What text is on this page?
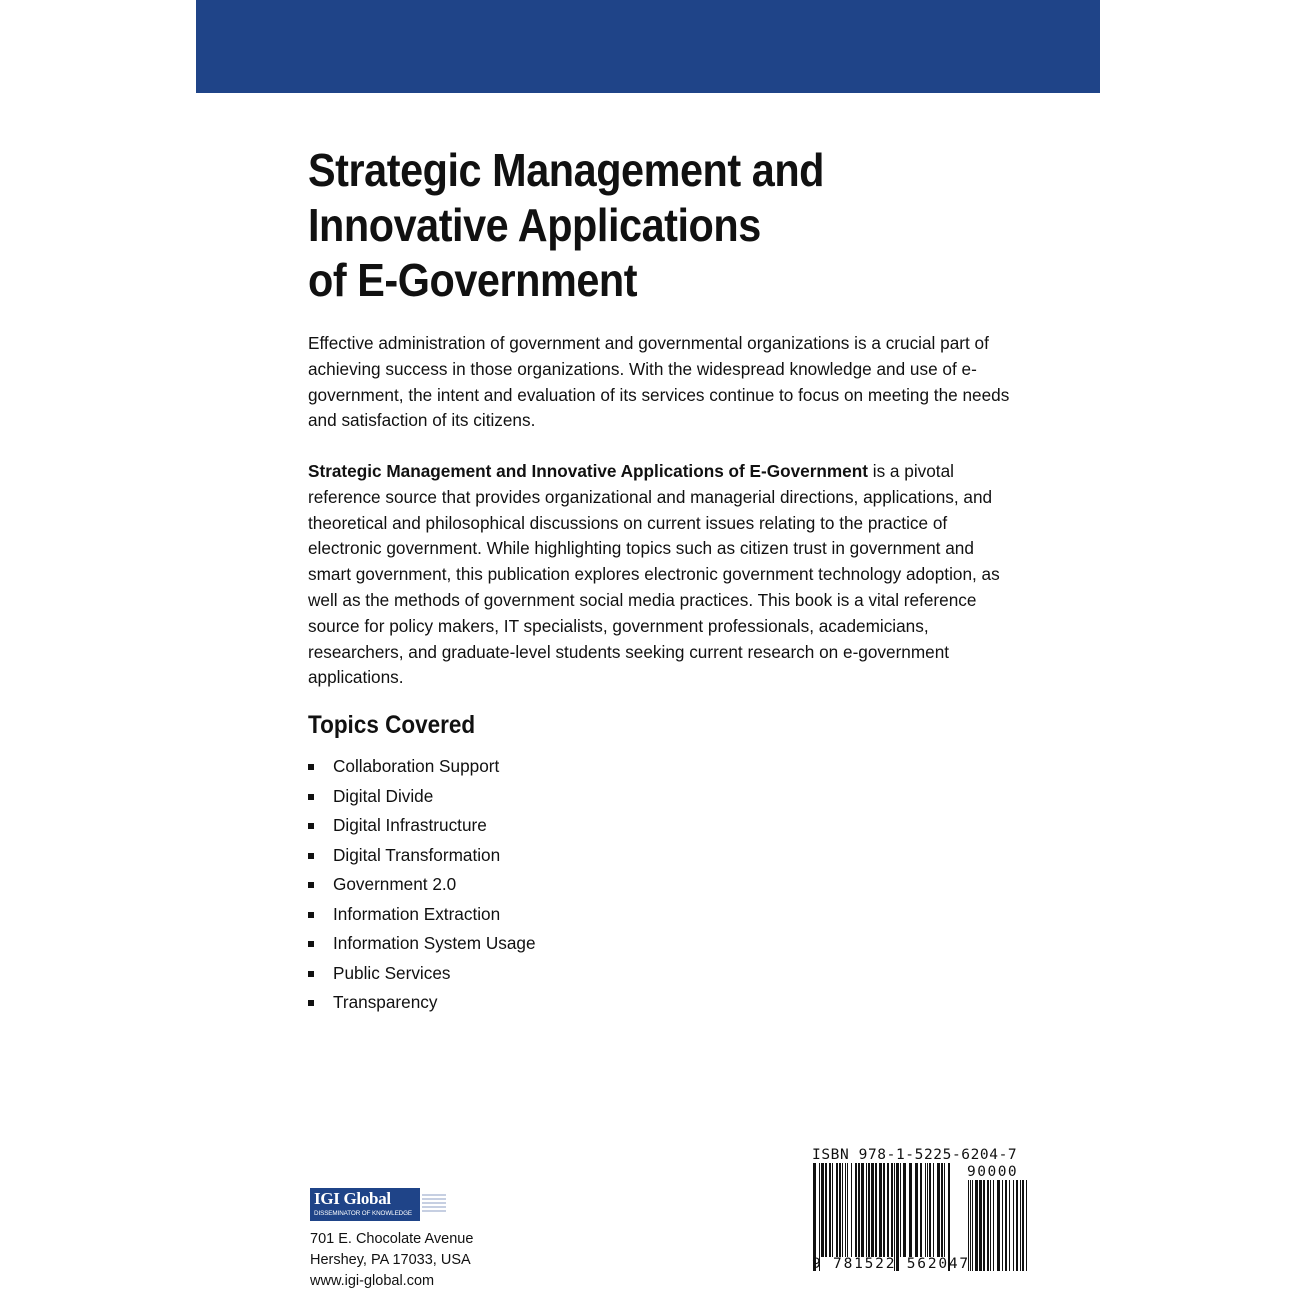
Strategic Management and
Innovative Applications
of E-Government

Effective administration of government and governmental organizations is a crucial part of achieving success in those organizations. With the widespread knowledge and use of e-government, the intent and evaluation of its services continue to focus on meeting the needs and satisfaction of its citizens.

Strategic Management and Innovative Applications of E-Government is a pivotal reference source that provides organizational and managerial directions, applications, and theoretical and philosophical discussions on current issues relating to the practice of electronic government. While highlighting topics such as citizen trust in government and smart government, this publication explores electronic government technology adoption, as well as the methods of government social media practices. This book is a vital reference source for policy makers, IT specialists, government professionals, academicians, researchers, and graduate-level students seeking current research on e-government applications.

Topics Covered
Collaboration Support
Digital Divide
Digital Infrastructure
Digital Transformation
Government 2.0
Information Extraction
Information System Usage
Public Services
Transparency
IGI Global
DISSEMINATOR OF KNOWLEDGE
701 E. Chocolate Avenue
Hershey, PA 17033, USA
www.igi-global.com
ISBN 978-1-5225-6204-7
90000
9 781522 562047
